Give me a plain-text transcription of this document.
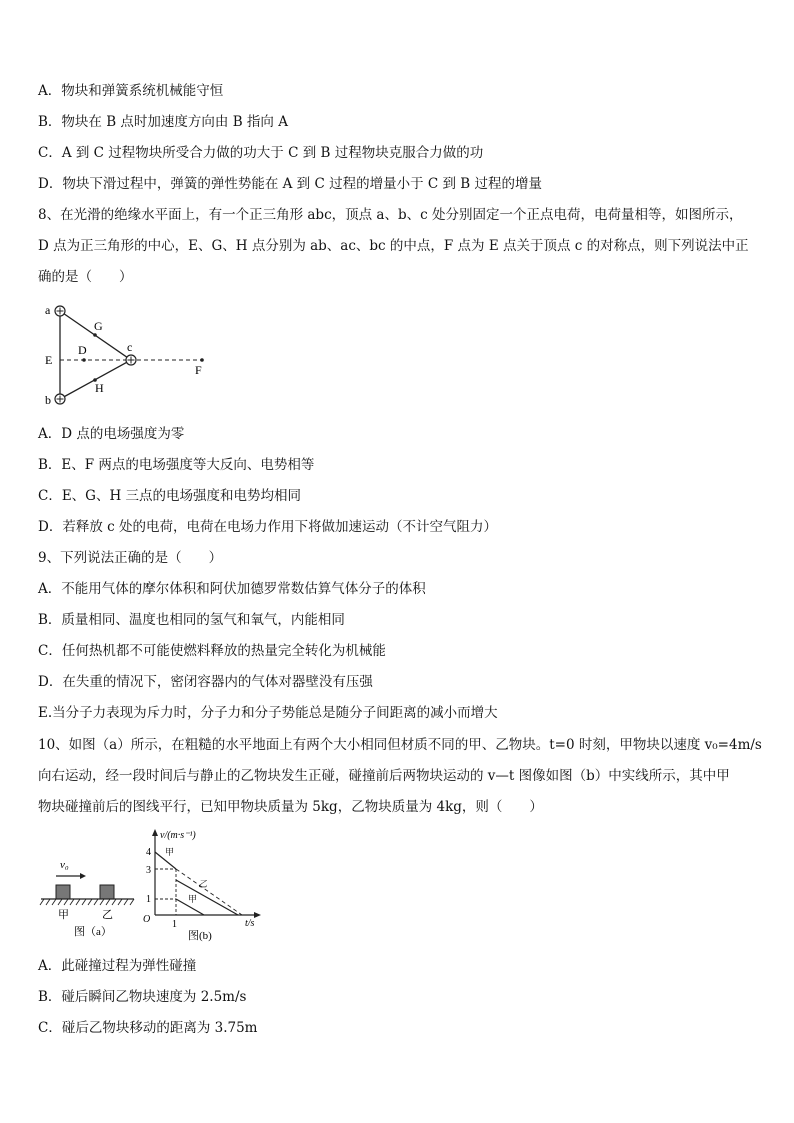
A．物块和弹簧系统机械能守恒
B．物块在 B 点时加速度方向由 B 指向 A
C．A 到 C 过程物块所受合力做的功大于 C 到 B 过程物块克服合力做的功
D．物块下滑过程中，弹簧的弹性势能在 A 到 C 过程的增量小于 C 到 B 过程的增量
8、在光滑的绝缘水平面上，有一个正三角形 abc，顶点 a、b、c 处分别固定一个正点电荷，电荷量相等，如图所示，
D 点为正三角形的中心，E、G、H 点分别为 ab、ac、bc 的中点，F 点为 E 点关于顶点 c 的对称点，则下列说法中正
确的是（　　）
a
b
c
D
E
F
G
H
A．D 点的电场强度为零
B．E、F 两点的电场强度等大反向、电势相等
C．E、G、H 三点的电场强度和电势均相同
D．若释放 c 处的电荷，电荷在电场力作用下将做加速运动（不计空气阻力）
9、下列说法正确的是（　　）
A．不能用气体的摩尔体积和阿伏加德罗常数估算气体分子的体积
B．质量相同、温度也相同的氢气和氧气，内能相同
C．任何热机都不可能使燃料释放的热量完全转化为机械能
D．在失重的情况下，密闭容器内的气体对器壁没有压强
E.当分子力表现为斥力时，分子力和分子势能总是随分子间距离的减小而增大
10、如图（a）所示，在粗糙的水平地面上有两个大小相同但材质不同的甲、乙物块。t=0 时刻，甲物块以速度 v₀=4m/s
向右运动，经一段时间后与静止的乙物块发生正碰，碰撞前后两物块运动的 v—t 图像如图（b）中实线所示，其中甲
物块碰撞前后的图线平行，已知甲物块质量为 5kg，乙物块质量为 4kg，则（　　）
v₀
甲	乙
图（a）
v/(m·s⁻¹)
t/s
O
4
3
1
1
甲
乙
甲
图(b)
A．此碰撞过程为弹性碰撞
B．碰后瞬间乙物块速度为 2.5m/s
C．碰后乙物块移动的距离为 3.75m
